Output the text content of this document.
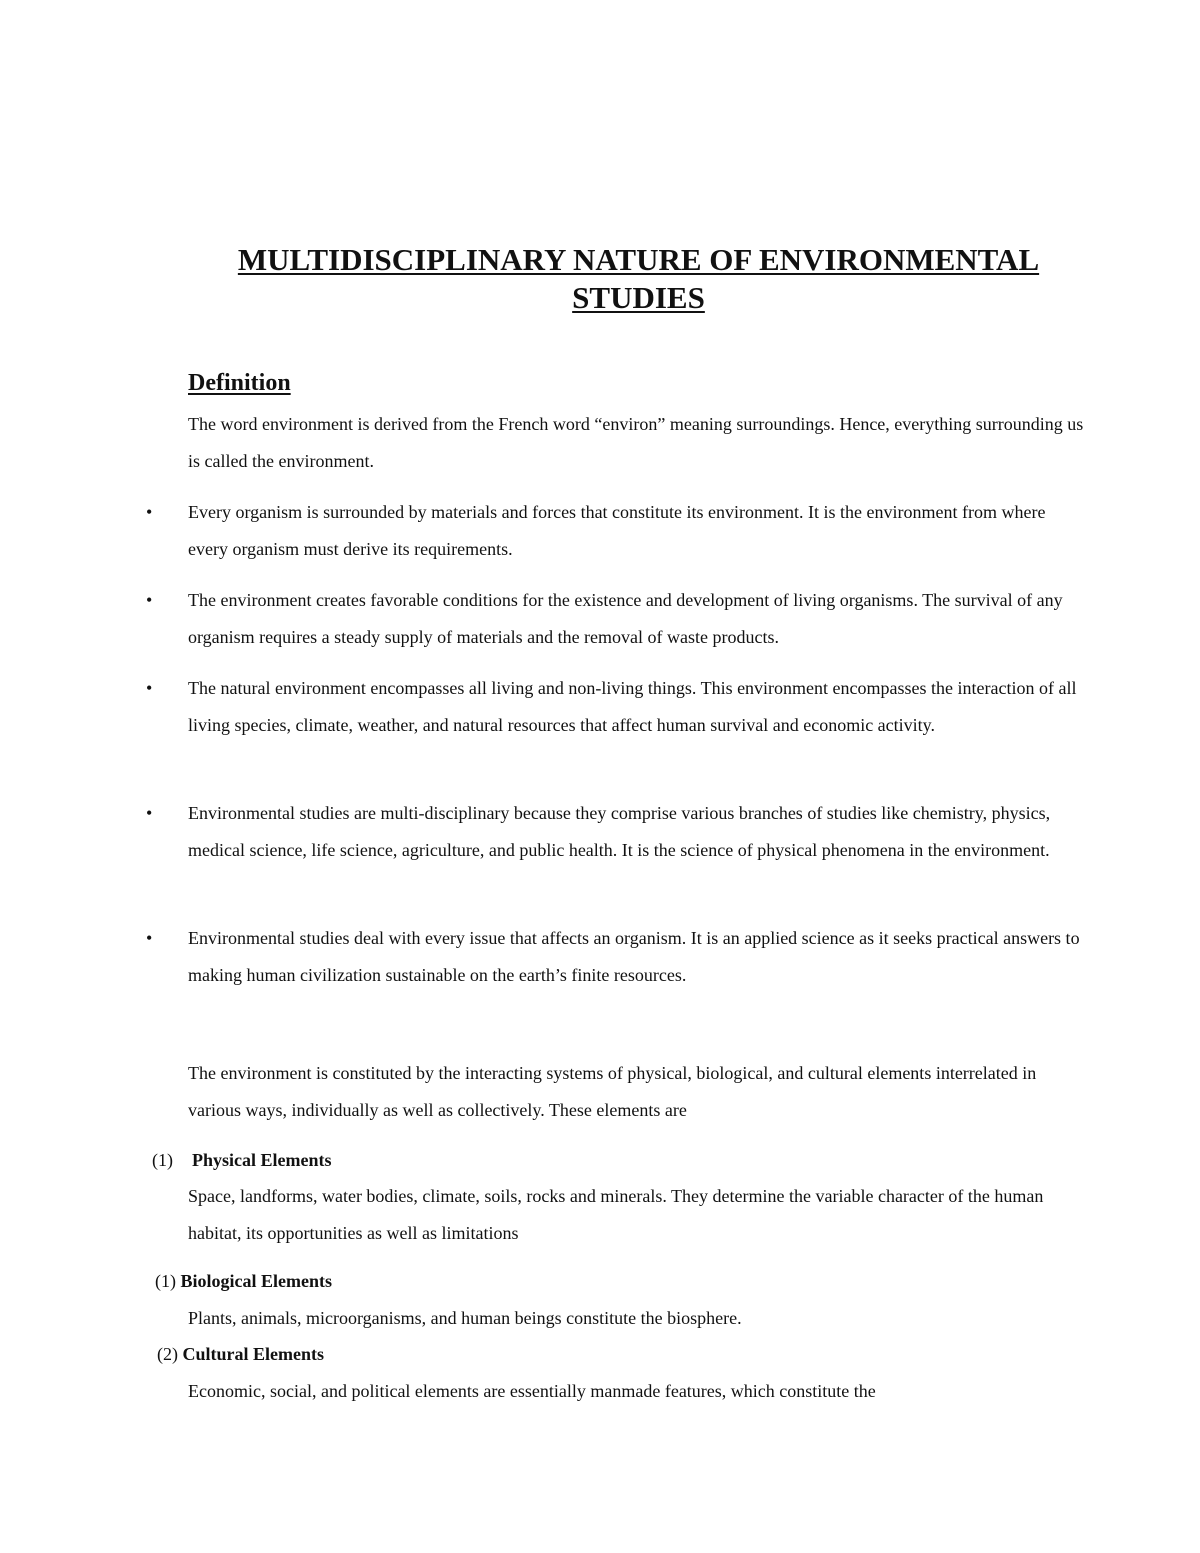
MULTIDISCIPLINARY NATURE OF ENVIRONMENTAL
STUDIES
Definition

The word environment is derived from the French word “environ” meaning surroundings. Hence, everything surrounding us is called the environment.

• Every organism is surrounded by materials and forces that constitute its environment. It is the environment from where every organism must derive its requirements.

• The environment creates favorable conditions for the existence and development of living organisms. The survival of any organism requires a steady supply of materials and the removal of waste products.

• The natural environment encompasses all living and non-living things. This environment encompasses the interaction of all living species, climate, weather, and natural resources that affect human survival and economic activity.

• Environmental studies are multi-disciplinary because they comprise various branches of studies like chemistry, physics, medical science, life science, agriculture, and public health. It is the science of physical phenomena in the environment.

• Environmental studies deal with every issue that affects an organism. It is an applied science as it seeks practical answers to making human civilization sustainable on the earth’s finite resources.

The environment is constituted by the interacting systems of physical, biological, and cultural elements interrelated in various ways, individually as well as collectively. These elements are

(1) Physical Elements

Space, landforms, water bodies, climate, soils, rocks and minerals. They determine the variable character of the human habitat, its opportunities as well as limitations

(1) Biological Elements

Plants, animals, microorganisms, and human beings constitute the biosphere.

(2) Cultural Elements

Economic, social, and political elements are essentially manmade features, which constitute the
